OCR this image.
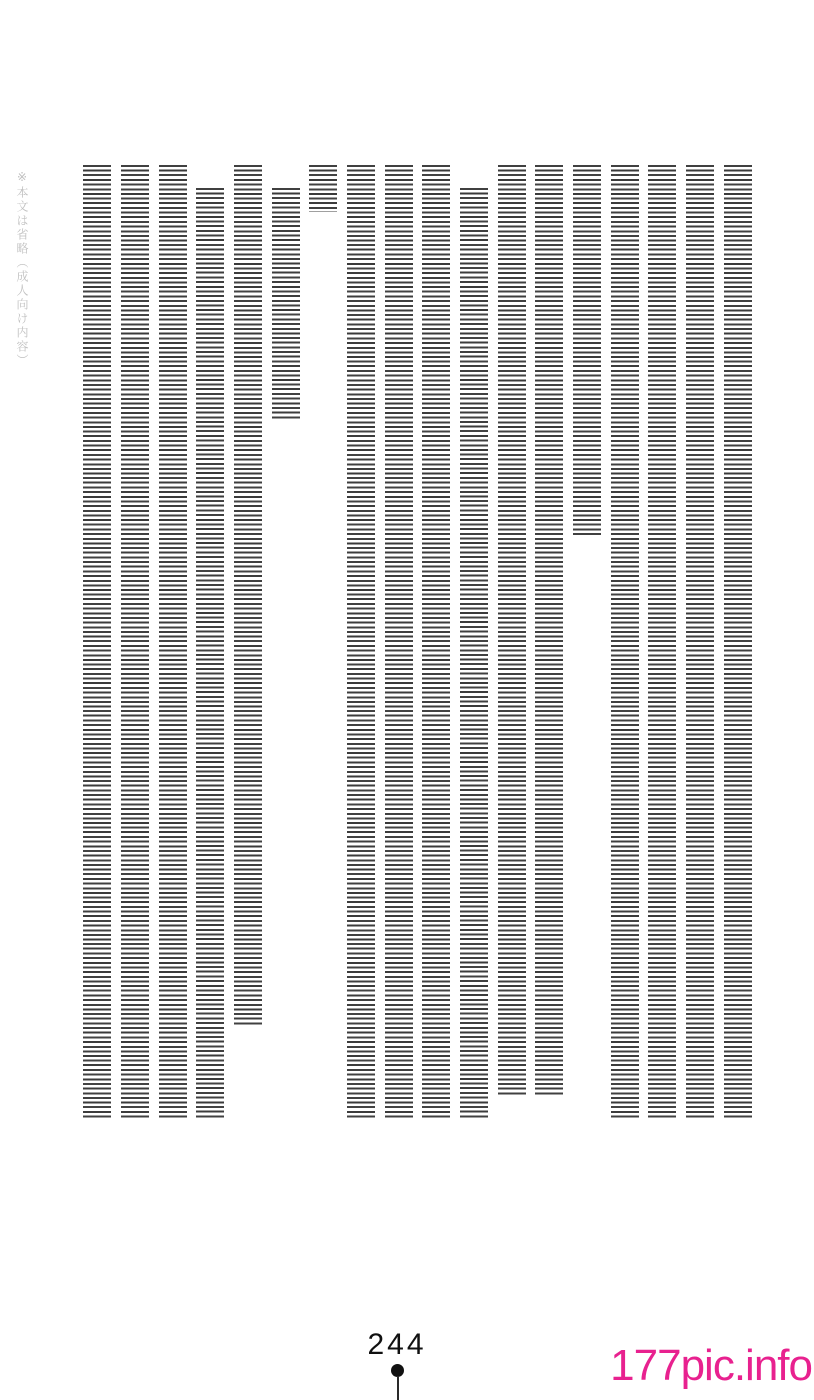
※本文は省略（成人向け内容）
244	177pic.info
